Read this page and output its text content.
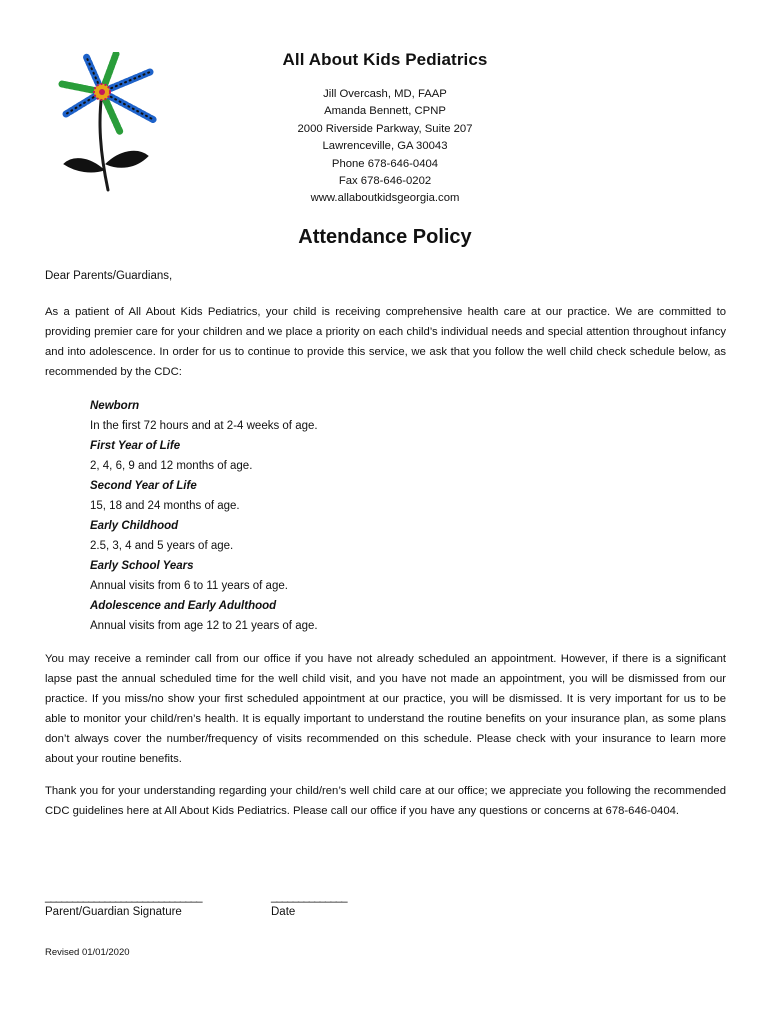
All About Kids Pediatrics
Jill Overcash, MD, FAAP
Amanda Bennett, CPNP
2000 Riverside Parkway, Suite 207
Lawrenceville, GA 30043
Phone 678-646-0404
Fax 678-646-0202
www.allaboutkidsgeorgia.com
Attendance Policy
Dear Parents/Guardians,

As a patient of All About Kids Pediatrics, your child is receiving comprehensive health care at our practice. We are committed to providing premier care for your children and we place a priority on each child’s individual needs and special attention throughout infancy and into adolescence. In order for us to continue to provide this service, we ask that you follow the well child check schedule below, as recommended by the CDC:

Newborn
In the first 72 hours and at 2-4 weeks of age.
First Year of Life
2, 4, 6, 9 and 12 months of age.
Second Year of Life
15, 18 and 24 months of age.
Early Childhood
2.5, 3, 4 and 5 years of age.
Early School Years
Annual visits from 6 to 11 years of age.
Adolescence and Early Adulthood
Annual visits from age 12 to 21 years of age.

You may receive a reminder call from our office if you have not already scheduled an appointment. However, if there is a significant lapse past the annual scheduled time for the well child visit, and you have not made an appointment, you will be dismissed from our practice. If you miss/no show your first scheduled appointment at our practice, you will be dismissed. It is very important for us to be able to monitor your child/ren’s health. It is equally important to understand the routine benefits on your insurance plan, as some plans don’t always cover the number/frequency of visits recommended on this schedule. Please check with your insurance to learn more about your routine benefits.

Thank you for your understanding regarding your child/ren’s well child care at our office; we appreciate you following the recommended CDC guidelines here at All About Kids Pediatrics. Please call our office if you have any questions or concerns at 678-646-0404.

_____________________________	______________
Parent/Guardian Signature	Date
Revised 01/01/2020
